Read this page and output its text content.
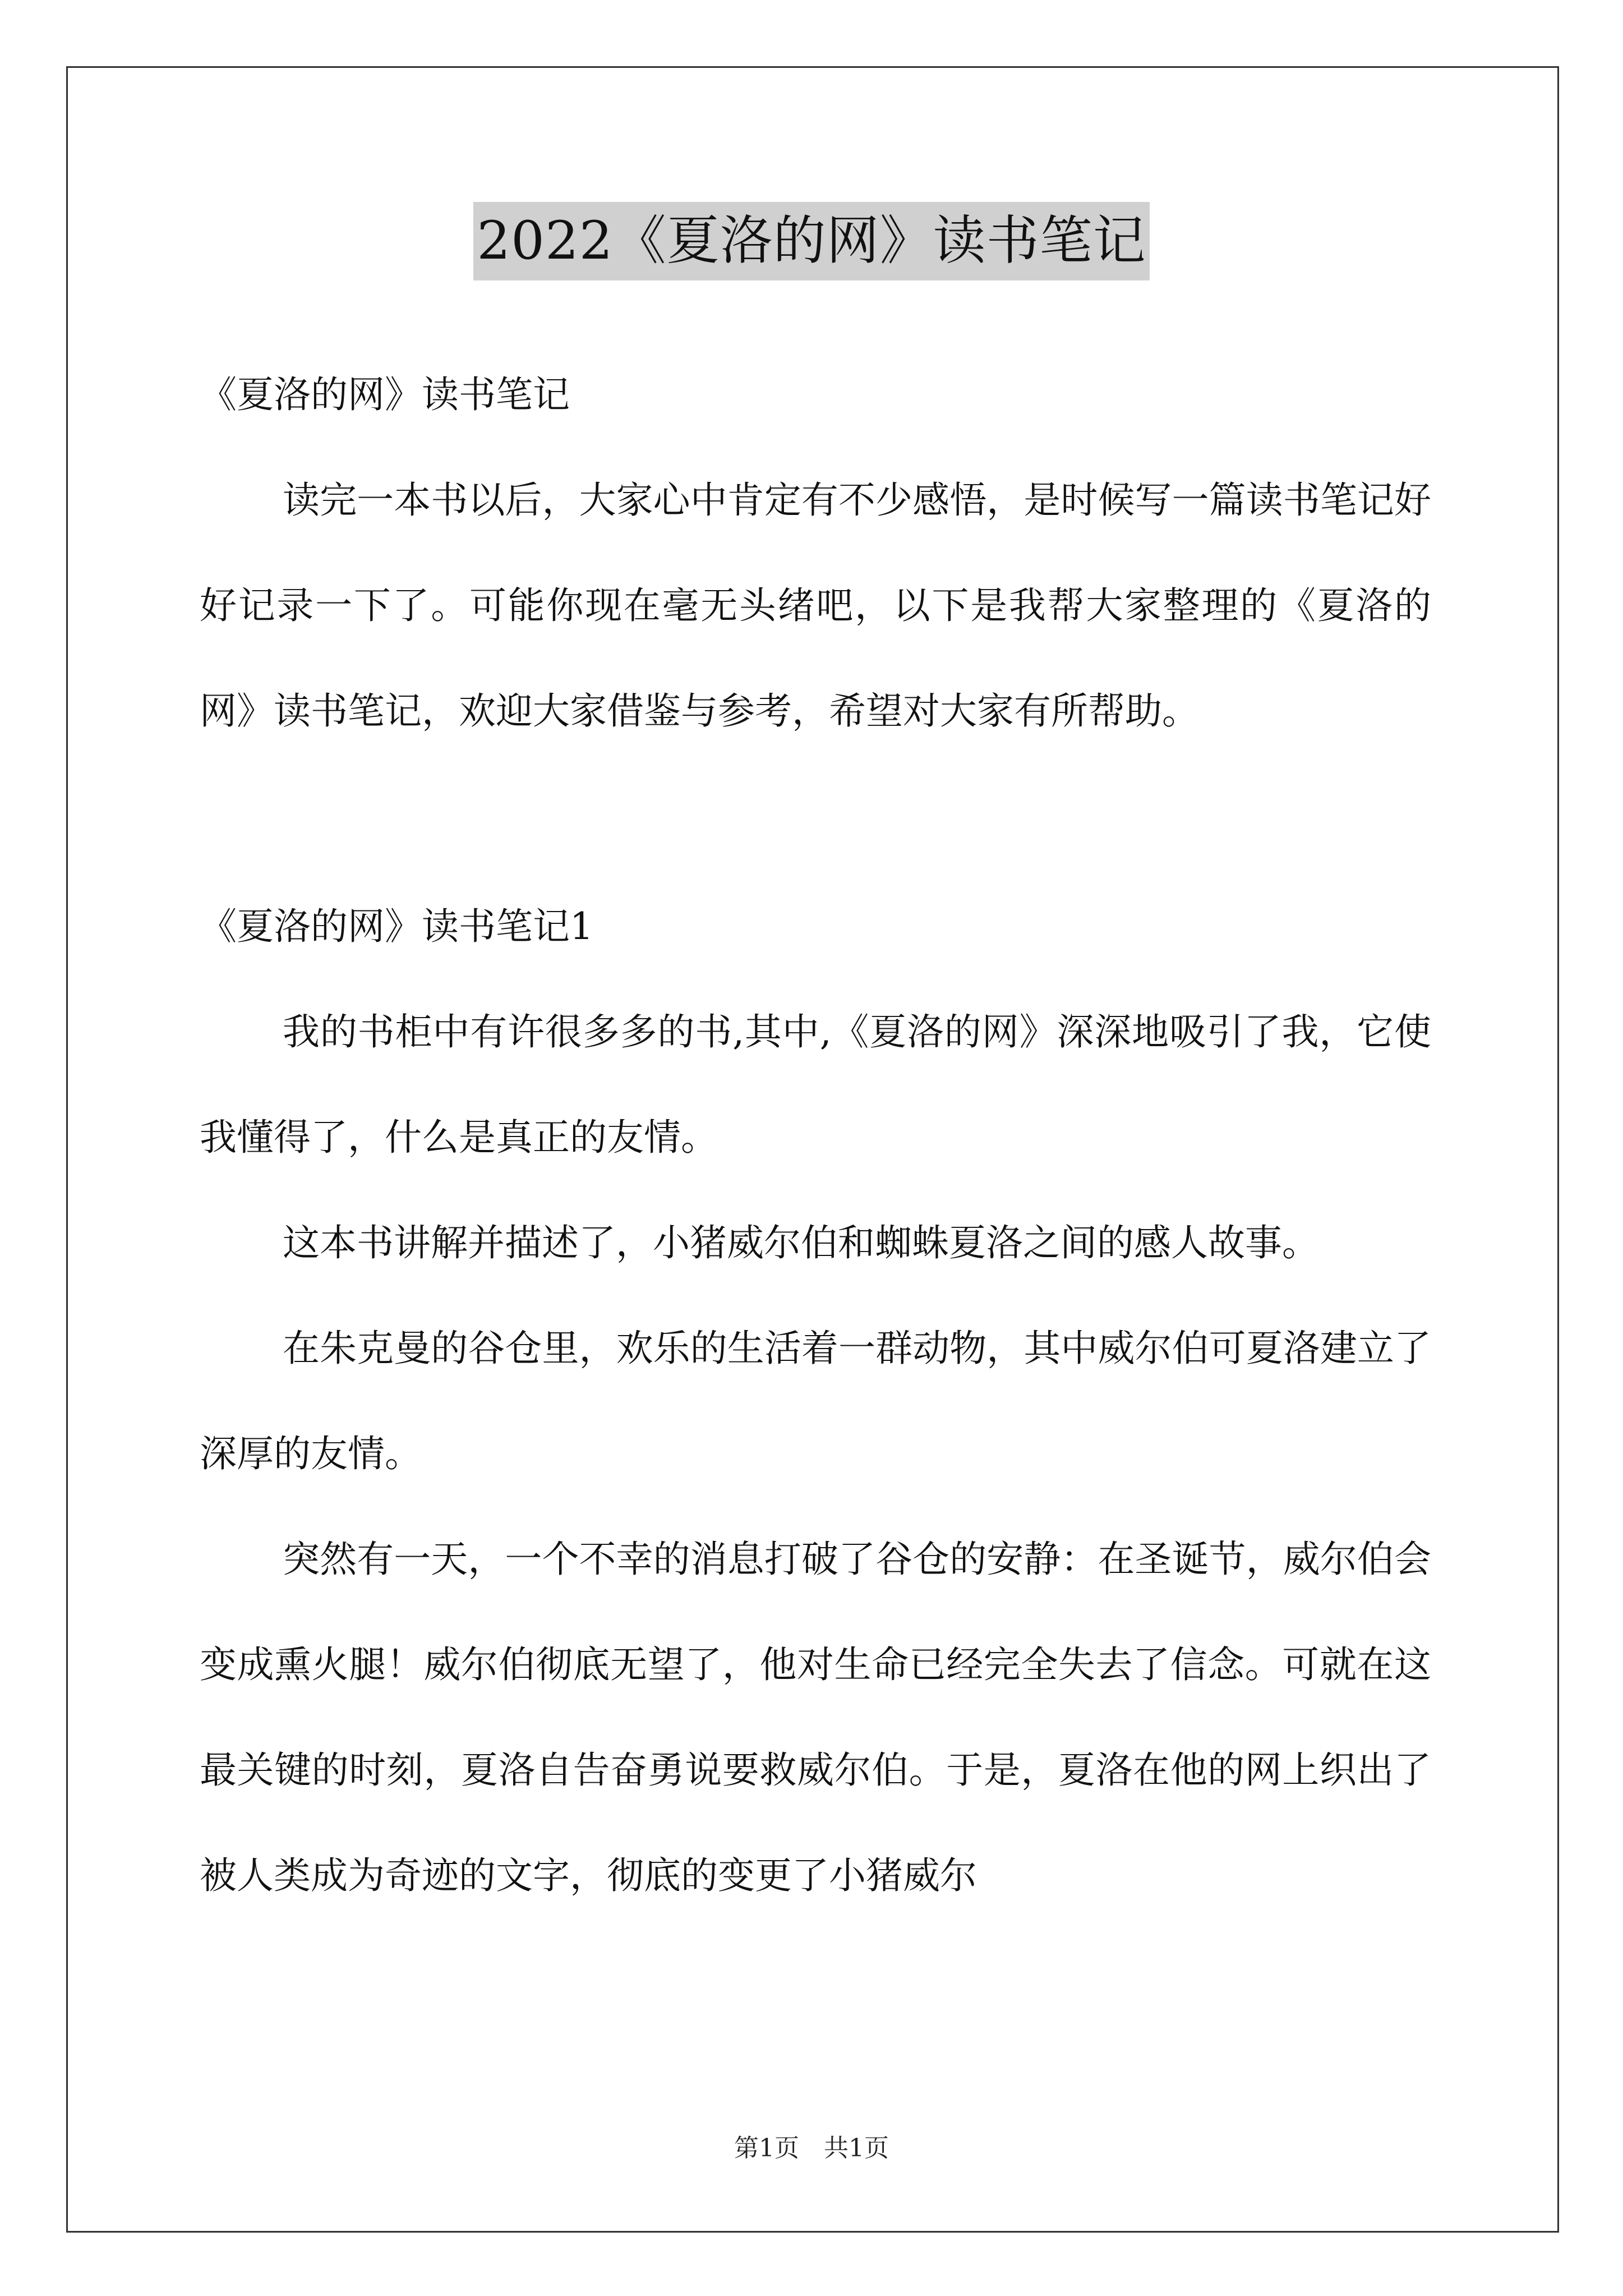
2022《夏洛的网》读书笔记

《夏洛的网》读书笔记

读完一本书以后，大家心中肯定有不少感悟，是时候写一篇读书笔记好好记录一下了。可能你现在毫无头绪吧，以下是我帮大家整理的《夏洛的网》读书笔记，欢迎大家借鉴与参考，希望对大家有所帮助。

《夏洛的网》读书笔记1

我的书柜中有许很多多的书,其中,《夏洛的网》深深地吸引了我，它使我懂得了，什么是真正的友情。

这本书讲解并描述了，小猪威尔伯和蜘蛛夏洛之间的感人故事。

在朱克曼的谷仓里，欢乐的生活着一群动物，其中威尔伯可夏洛建立了深厚的友情。

突然有一天，一个不幸的消息打破了谷仓的安静：在圣诞节，威尔伯会变成熏火腿！威尔伯彻底无望了，他对生命已经完全失去了信念。可就在这最关键的时刻，夏洛自告奋勇说要救威尔伯。于是，夏洛在他的网上织出了被人类成为奇迹的文字，彻底的变更了小猪威尔

第1页　共1页
